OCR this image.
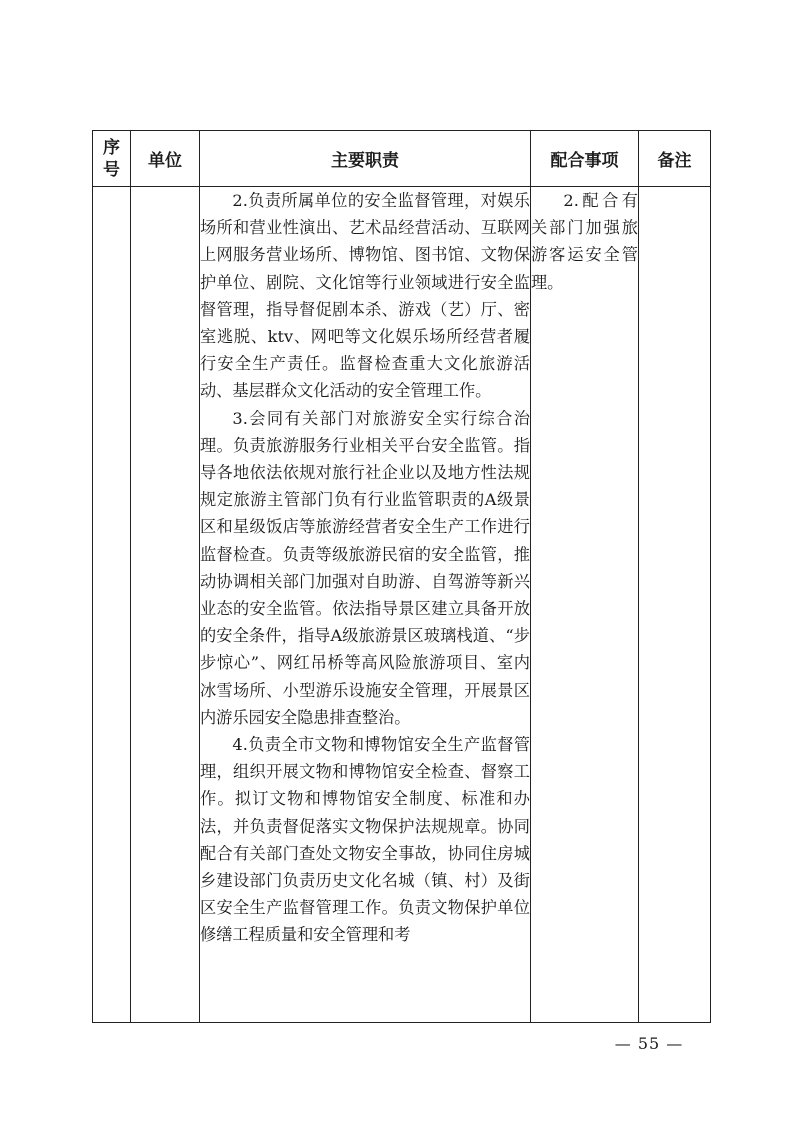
序
号	单位	主要职责	配合事项	备注

		2.负责所属单位的安全监督管理，对娱乐场所和营业性演出、艺术品经营活动、互联网上网服务营业场所、博物馆、图书馆、文物保护单位、剧院、文化馆等行业领域进行安全监督管理，指导督促剧本杀、游戏（艺）厅、密室逃脱、ktv、网吧等文化娱乐场所经营者履行安全生产责任。监督检查重大文化旅游活动、基层群众文化活动的安全管理工作。

3.会同有关部门对旅游安全实行综合治理。负责旅游服务行业相关平台安全监管。指导各地依法依规对旅行社企业以及地方性法规规定旅游主管部门负有行业监管职责的A级景区和星级饭店等旅游经营者安全生产工作进行监督检查。负责等级旅游民宿的安全监管，推动协调相关部门加强对自助游、自驾游等新兴业态的安全监管。依法指导景区建立具备开放的安全条件，指导A级旅游景区玻璃栈道、“步步惊心”、网红吊桥等高风险旅游项目、室内冰雪场所、小型游乐设施安全管理，开展景区内游乐园安全隐患排查整治。

4.负责全市文物和博物馆安全生产监督管理，组织开展文物和博物馆安全检查、督察工作。拟订文物和博物馆安全制度、标准和办法，并负责督促落实文物保护法规规章。协同配合有关部门查处文物安全事故，协同住房城乡建设部门负责历史文化名城（镇、村）及街区安全生产监督管理工作。负责文物保护单位修缮工程质量和安全管理和考	2.配合有关部门加强旅游客运安全管理。	

— 55 —
